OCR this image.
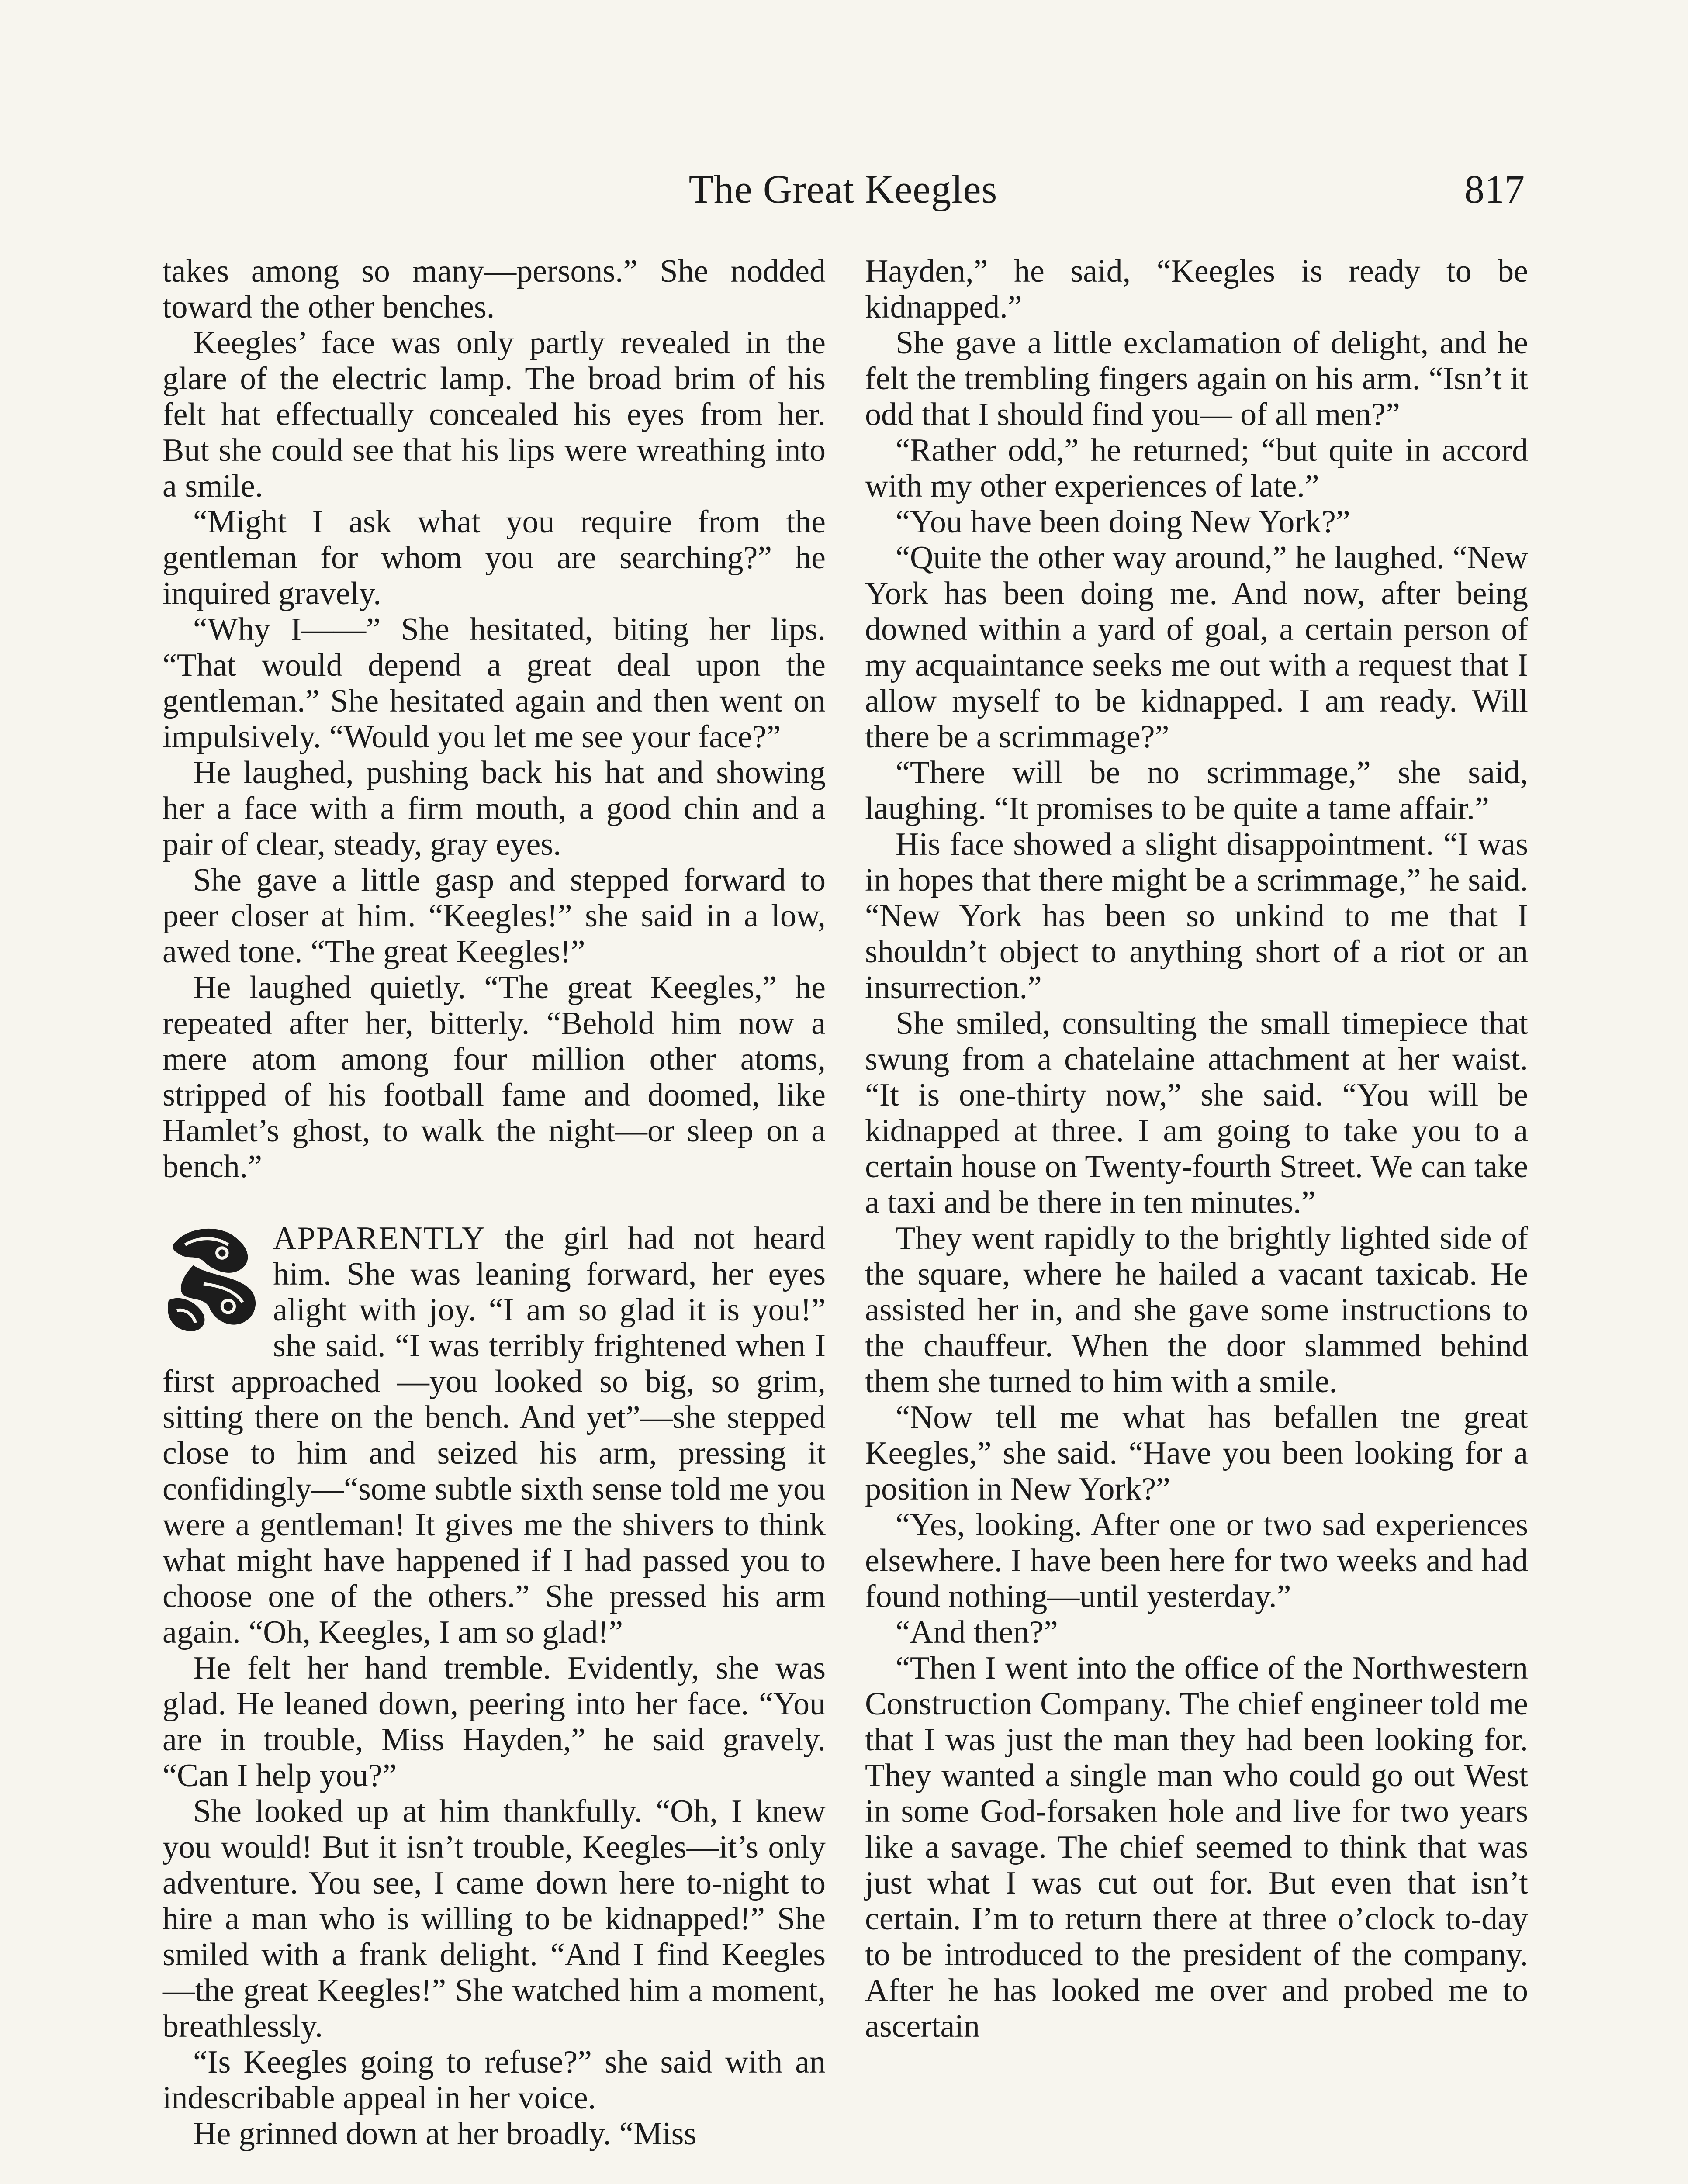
The Great Keegles	817

takes among so many—persons.” She nodded toward the other benches.

Keegles’ face was only partly revealed in the glare of the electric lamp. The broad brim of his felt hat effectually concealed his eyes from her. But she could see that his lips were wreathing into a smile.

“Might I ask what you require from the gentleman for whom you are searching?” he inquired gravely.

“Why I——” She hesitated, biting her lips. “That would depend a great deal upon the gentleman.” She hesitated again and then went on impulsively. “Would you let me see your face?”

He laughed, pushing back his hat and showing her a face with a firm mouth, a good chin and a pair of clear, steady, gray eyes.

She gave a little gasp and stepped forward to peer closer at him. “Keegles!” she said in a low, awed tone. “The great Keegles!”

He laughed quietly. “The great Keegles,” he repeated after her, bitterly. “Behold him now a mere atom among four million other atoms, stripped of his football fame and doomed, like Hamlet’s ghost, to walk the night—or sleep on a bench.”

APPARENTLY the girl had not heard him. She was leaning forward, her eyes alight with joy. “I am so glad it is you!” she said. “I was terribly frightened when I first approached —you looked so big, so grim, sitting there on the bench. And yet”—she stepped close to him and seized his arm, pressing it confidingly—“some subtle sixth sense told me you were a gentleman! It gives me the shivers to think what might have happened if I had passed you to choose one of the others.” She pressed his arm again. “Oh, Keegles, I am so glad!”

He felt her hand tremble. Evidently, she was glad. He leaned down, peering into her face. “You are in trouble, Miss Hayden,” he said gravely. “Can I help you?”

She looked up at him thankfully. “Oh, I knew you would! But it isn’t trouble, Keegles—it’s only adventure. You see, I came down here to-night to hire a man who is willing to be kidnapped!” She smiled with a frank delight. “And I find Keegles —the great Keegles!” She watched him a moment, breathlessly.

“Is Keegles going to refuse?” she said with an indescribable appeal in her voice.

He grinned down at her broadly. “Miss

Hayden,” he said, “Keegles is ready to be kidnapped.”

She gave a little exclamation of delight, and he felt the trembling fingers again on his arm. “Isn’t it odd that I should find you— of all men?”

“Rather odd,” he returned; “but quite in accord with my other experiences of late.”

“You have been doing New York?”

“Quite the other way around,” he laughed. “New York has been doing me. And now, after being downed within a yard of goal, a certain person of my acquaintance seeks me out with a request that I allow myself to be kidnapped. I am ready. Will there be a scrimmage?”

“There will be no scrimmage,” she said, laughing. “It promises to be quite a tame affair.”

His face showed a slight disappointment. “I was in hopes that there might be a scrimmage,” he said. “New York has been so unkind to me that I shouldn’t object to anything short of a riot or an insurrection.”

She smiled, consulting the small timepiece that swung from a chatelaine attachment at her waist. “It is one-thirty now,” she said. “You will be kidnapped at three. I am going to take you to a certain house on Twenty-fourth Street. We can take a taxi and be there in ten minutes.”

They went rapidly to the brightly lighted side of the square, where he hailed a vacant taxicab. He assisted her in, and she gave some instructions to the chauffeur. When the door slammed behind them she turned to him with a smile.

“Now tell me what has befallen tne great Keegles,” she said. “Have you been looking for a position in New York?”

“Yes, looking. After one or two sad experiences elsewhere. I have been here for two weeks and had found nothing—until yesterday.”

“And then?”

“Then I went into the office of the Northwestern Construction Company. The chief engineer told me that I was just the man they had been looking for. They wanted a single man who could go out West in some God-forsaken hole and live for two years like a savage. The chief seemed to think that was just what I was cut out for. But even that isn’t certain. I’m to return there at three o’clock to-day to be introduced to the president of the company. After he has looked me over and probed me to ascertain
